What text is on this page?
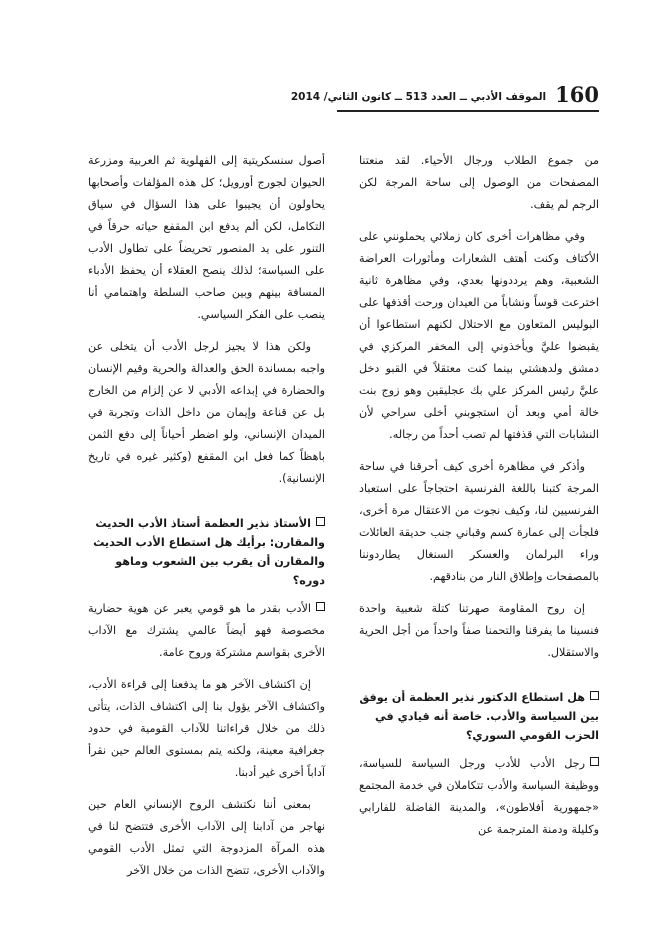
160
الموقف الأدبي ــ العدد 513 ــ كانون الثاني/ 2014

من جموع الطلاب ورجال الأحياء. لقد منعتنا المصفحات من الوصول إلى ساحة المرجة لكن الرجم لم يقف.

وفي مظاهرات أخرى كان زملائي يحملونني على الأكتاف وكنت أهتف الشعارات ومأثورات العراضة الشعبية، وهم يرددونها بعدي، وفي مظاهرة ثانية اخترعت قوساً ونشاباً من العيدان ورحت أقذفها على البوليس المتعاون مع الاحتلال لكنهم استطاعوا أن يقبضوا عليَّ ويأخذوني إلى المخفر المركزي في دمشق ولدهشتي بينما كنت معتقلاً في القبو دخل عليَّ رئيس المركز علي بك عجليقين وهو زوج بنت خالة أمي وبعد أن استجوبني أخلى سراحي لأن النشابات التي قذفتها لم تصب أحداً من رجاله.

وأذكر في مظاهرة أخرى كيف أحرقنا في ساحة المرجة كتبنا باللغة الفرنسية احتجاجاً على استعباد الفرنسيين لنا، وكيف نجوت من الاعتقال مرة أخرى، فلجأت إلى عمارة كسم وقباني جنب حديقة العائلات وراء البرلمان والعسكر السنغال يطاردوننا بالمصفحات وإطلاق النار من بنادقهم.

إن روح المقاومة صهرتنا كتلة شعبية واحدة فنسينا ما يفرقنا والتحمنا صفاً واحداً من أجل الحرية والاستقلال.

هل استطاع الدكتور نذير العظمة أن يوفق بين السياسة والأدب. خاصة أنه قيادي في الحزب القومي السوري؟

رجل الأدب للأدب ورجل السياسة للسياسة، ووظيفة السياسة والأدب تتكاملان في خدمة المجتمع «جمهورية أفلاطون»، والمدينة الفاضلة للفارابي وكليلة ودمنة المترجمة عن

أصول سنسكريتية إلى الفهلوية ثم العربية ومزرعة الحيوان لجورج أورويل؛ كل هذه المؤلفات وأصحابها يحاولون أن يجيبوا على هذا السؤال في سياق التكامل، لكن ألم يدفع ابن المقفع حياته حرقاً في التنور على يد المنصور تحريضاً على تطاول الأدب على السياسة؛ لذلك ينصح العقلاء أن يحفظ الأدباء المسافة بينهم وبين صاحب السلطة واهتمامي أنا ينصب على الفكر السياسي.

ولكن هذا لا يجيز لرجل الأدب أن يتخلى عن واجبه بمساندة الحق والعدالة والحرية وقيم الإنسان والحضارة في إبداعه الأدبي لا عن إلزام من الخارج بل عن قناعة وإيمان من داخل الذات وتجربة في الميدان الإنساني، ولو اضطر أحياناً إلى دفع الثمن باهظاً كما فعل ابن المقفع (وكثير غيره في تاريخ الإنسانية).

الأستاذ نذير العظمة أستاذ الأدب الحديث والمقارن: برأيك هل استطاع الأدب الحديث والمقارن أن يقرب بين الشعوب وماهو دوره؟

الأدب بقدر ما هو قومي يعبر عن هوية حضارية مخصوصة فهو أيضاً عالمي يشترك مع الآداب الأخرى بقواسم مشتركة وروح عامة.

إن اكتشاف الآخر هو ما يدفعنا إلى قراءة الأدب، واكتشاف الآخر يؤول بنا إلى اكتشاف الذات، يتأتى ذلك من خلال قراءاتنا للآداب القومية في حدود جغرافية معينة، ولكنه يتم بمستوى العالم حين نقرأ آداباً أخرى غير أدبنا.

بمعنى أننا نكتشف الروح الإنساني العام حين نهاجر من آدابنا إلى الآداب الأخرى فتتضح لنا في هذه المرآة المزدوجة التي تمثل الأدب القومي والآداب الأخرى، تتضح الذات من خلال الآخر
